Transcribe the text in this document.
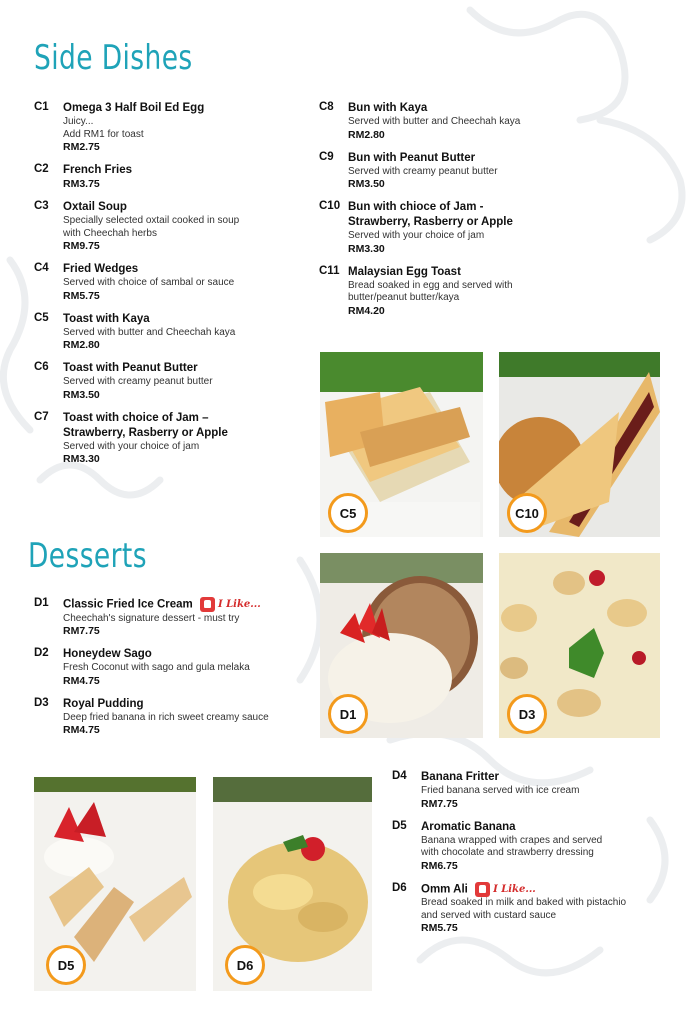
Side Dishes
C1 Omega 3 Half Boil Ed Egg
Juicy...
Add RM1 for toast
RM2.75
C2 French Fries
RM3.75
C3 Oxtail Soup
Specially selected oxtail cooked in soup
with Cheechah herbs
RM9.75
C4 Fried Wedges
Served with choice of sambal or sauce
RM5.75
C5 Toast with Kaya
Served with butter and Cheechah kaya
RM2.80
C6 Toast with Peanut Butter
Served with creamy peanut butter
RM3.50
C7 Toast with choice of Jam –
Strawberry, Rasberry or Apple
Served with your choice of jam
RM3.30
C8 Bun with Kaya
Served with butter and Cheechah kaya
RM2.80
C9 Bun with Peanut Butter
Served with creamy peanut butter
RM3.50
C10 Bun with chioce of Jam -
Strawberry, Rasberry or Apple
Served with your choice of jam
RM3.30
C11 Malaysian Egg Toast
Bread soaked in egg and served with
butter/peanut butter/kaya
RM4.20
C5	C10
Desserts
D1 Classic Fried Ice Cream	I Like...
Cheechah's signature dessert - must try
RM7.75
D2 Honeydew Sago
Fresh Coconut with sago and gula melaka
RM4.75
D3 Royal Pudding
Deep fried banana in rich sweet creamy sauce
RM4.75
D1	D3
D5	D6
D4 Banana Fritter
Fried banana served with ice cream
RM7.75
D5 Aromatic Banana
Banana wrapped with crapes and served
with chocolate and strawberry dressing
RM6.75
D6 Omm Ali	I Like...
Bread soaked in milk and baked with pistachio
and served with custard sauce
RM5.75
